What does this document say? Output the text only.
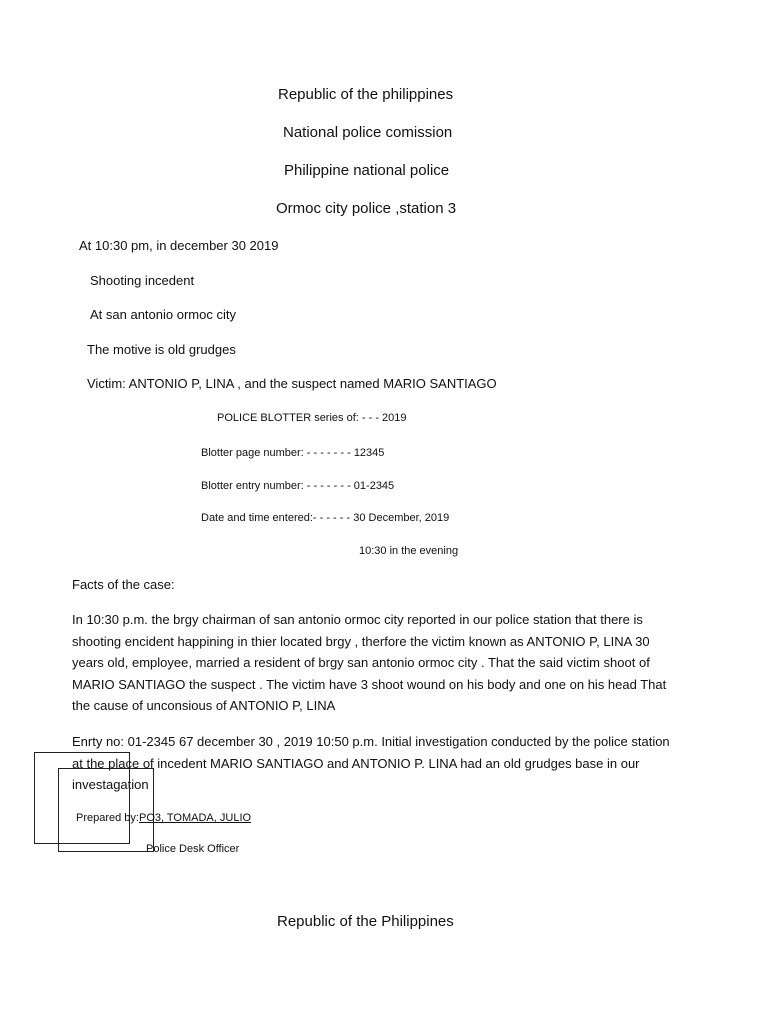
Republic of the philippines
National police comission
Philippine national police
Ormoc city police ,station 3
At 10:30 pm, in december 30 2019
Shooting incedent
At san antonio ormoc city
The motive is old grudges
Victim: ANTONIO P, LINA , and the suspect named MARIO SANTIAGO
POLICE BLOTTER series of: - - - 2019
Blotter page number: - - - - - - - 12345
Blotter entry number: - - - - - - - 01-2345
Date and time entered:- - - - - - 30 December, 2019
10:30 in the evening
Facts of the case:
In 10:30 p.m. the brgy chairman of san antonio ormoc city reported in our police station that there is shooting encident happining in thier located brgy , therfore the victim known as ANTONIO P, LINA 30 years old, employee, married a resident of brgy san antonio ormoc city . That the said victim shoot of MARIO SANTIAGO the suspect . The victim have 3 shoot wound on his body and one on his head That the cause of unconsious of ANTONIO P, LINA
Enrty no: 01-2345 67 december 30 , 2019 10:50 p.m. Initial investigation conducted by the police station at the place of incedent MARIO SANTIAGO and ANTONIO P. LINA had an old grudges base in our investagation
Prepared by:PO3, TOMADA, JULIO
Police Desk Officer
Republic of the Philippines
